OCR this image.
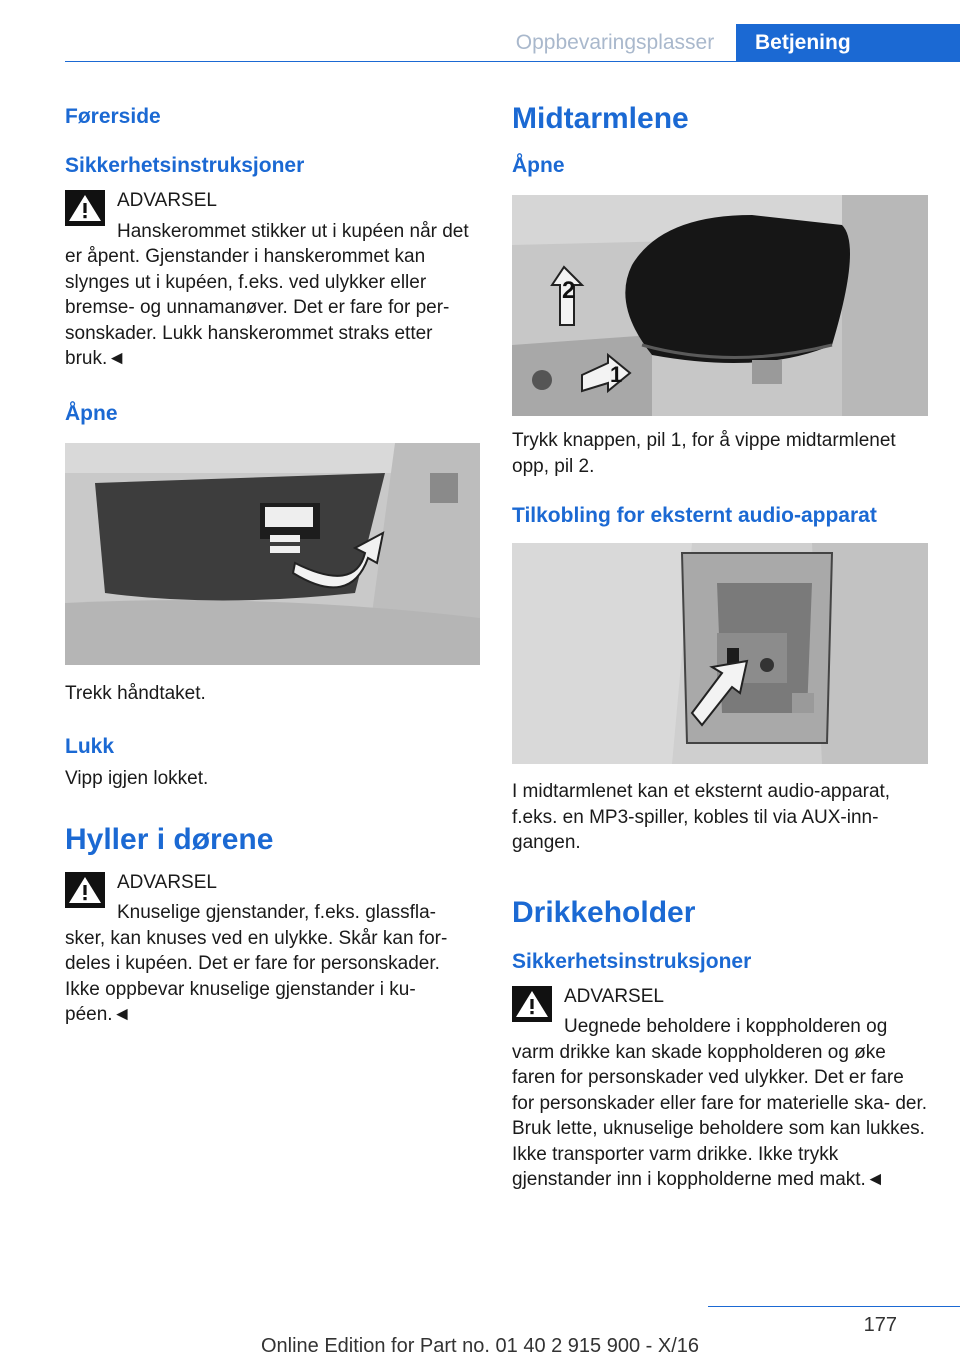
Oppbevaringsplasser	Betjening
Førerside
Sikkerhetsinstruksjoner
ADVARSEL

Hanskerommet stikker ut i kupéen når det er åpent. Gjenstander i hanskerommet kan slynges ut i kupéen, f.eks. ved ulykker eller bremse- og unnamanøver. Det er fare for per- sonskader. Lukk hanskerommet straks etter bruk.◄

Åpne

Trekk håndtaket.

Lukk

Vipp igjen lokket.

Hyller i dørene
ADVARSEL

Knuselige gjenstander, f.eks. glassfla- sker, kan knuses ved en ulykke. Skår kan for- deles i kupéen. Det er fare for personskader. Ikke oppbevar knuselige gjenstander i ku- péen.◄

Midtarmlene
Åpne
2
1

Trykk knappen, pil 1, for å vippe midtarmlenet opp, pil 2.

Tilkobling for eksternt audio-apparat

I midtarmlenet kan et eksternt audio-apparat, f.eks. en MP3-spiller, kobles til via AUX-inn- gangen.

Drikkeholder
Sikkerhetsinstruksjoner
ADVARSEL

Uegnede beholdere i koppholderen og varm drikke kan skade koppholderen og øke faren for personskader ved ulykker. Det er fare for personskader eller fare for materielle ska- der. Bruk lette, uknuselige beholdere som kan lukkes. Ikke transporter varm drikke. Ikke trykk gjenstander inn i koppholderne med makt.◄

177
Online Edition for Part no. 01 40 2 915 900 - X/16
